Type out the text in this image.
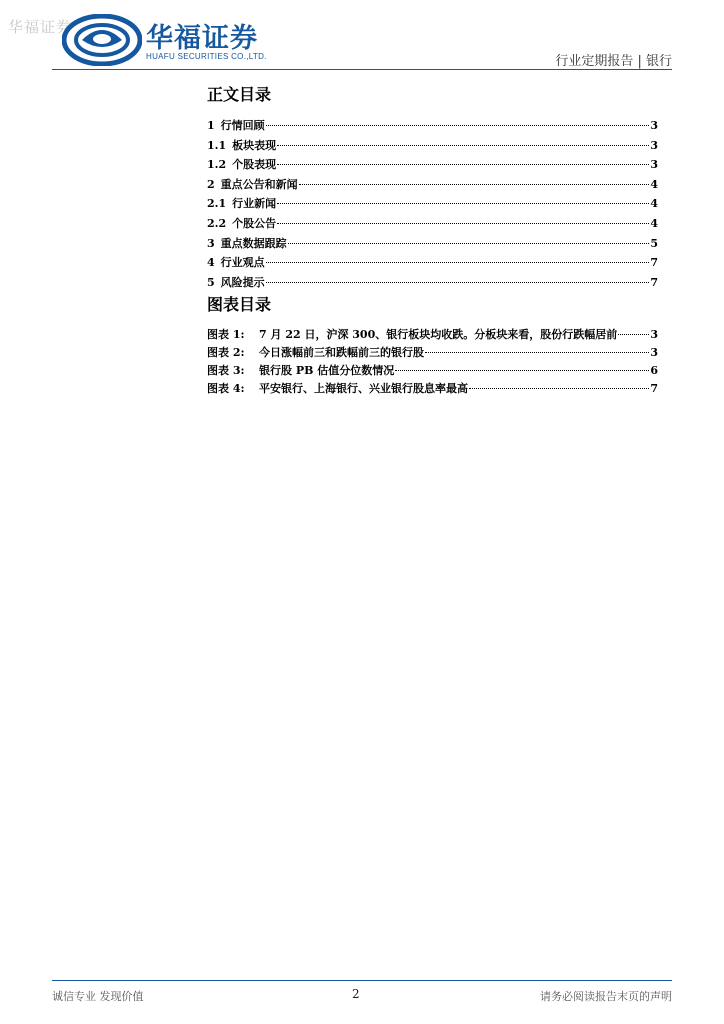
华福证券	华福证券
HUAFU SECURITIES CO.,LTD.	行业定期报告 | 银行
正文目录
1 行情回顾	3
1.1 板块表现	3
1.2 个股表现	3
2 重点公告和新闻	4
2.1 行业新闻	4
2.2 个股公告	4
3 重点数据跟踪	5
4 行业观点	7
5 风险提示	7
图表目录
图表 1:	7 月 22 日，沪深 300、银行板块均收跌。分板块来看，股份行跌幅居前	3
图表 2:	今日涨幅前三和跌幅前三的银行股	3
图表 3:	银行股 PB 估值分位数情况	6
图表 4:	平安银行、上海银行、兴业银行股息率最高	7
诚信专业 发现价值	2	请务必阅读报告末页的声明
